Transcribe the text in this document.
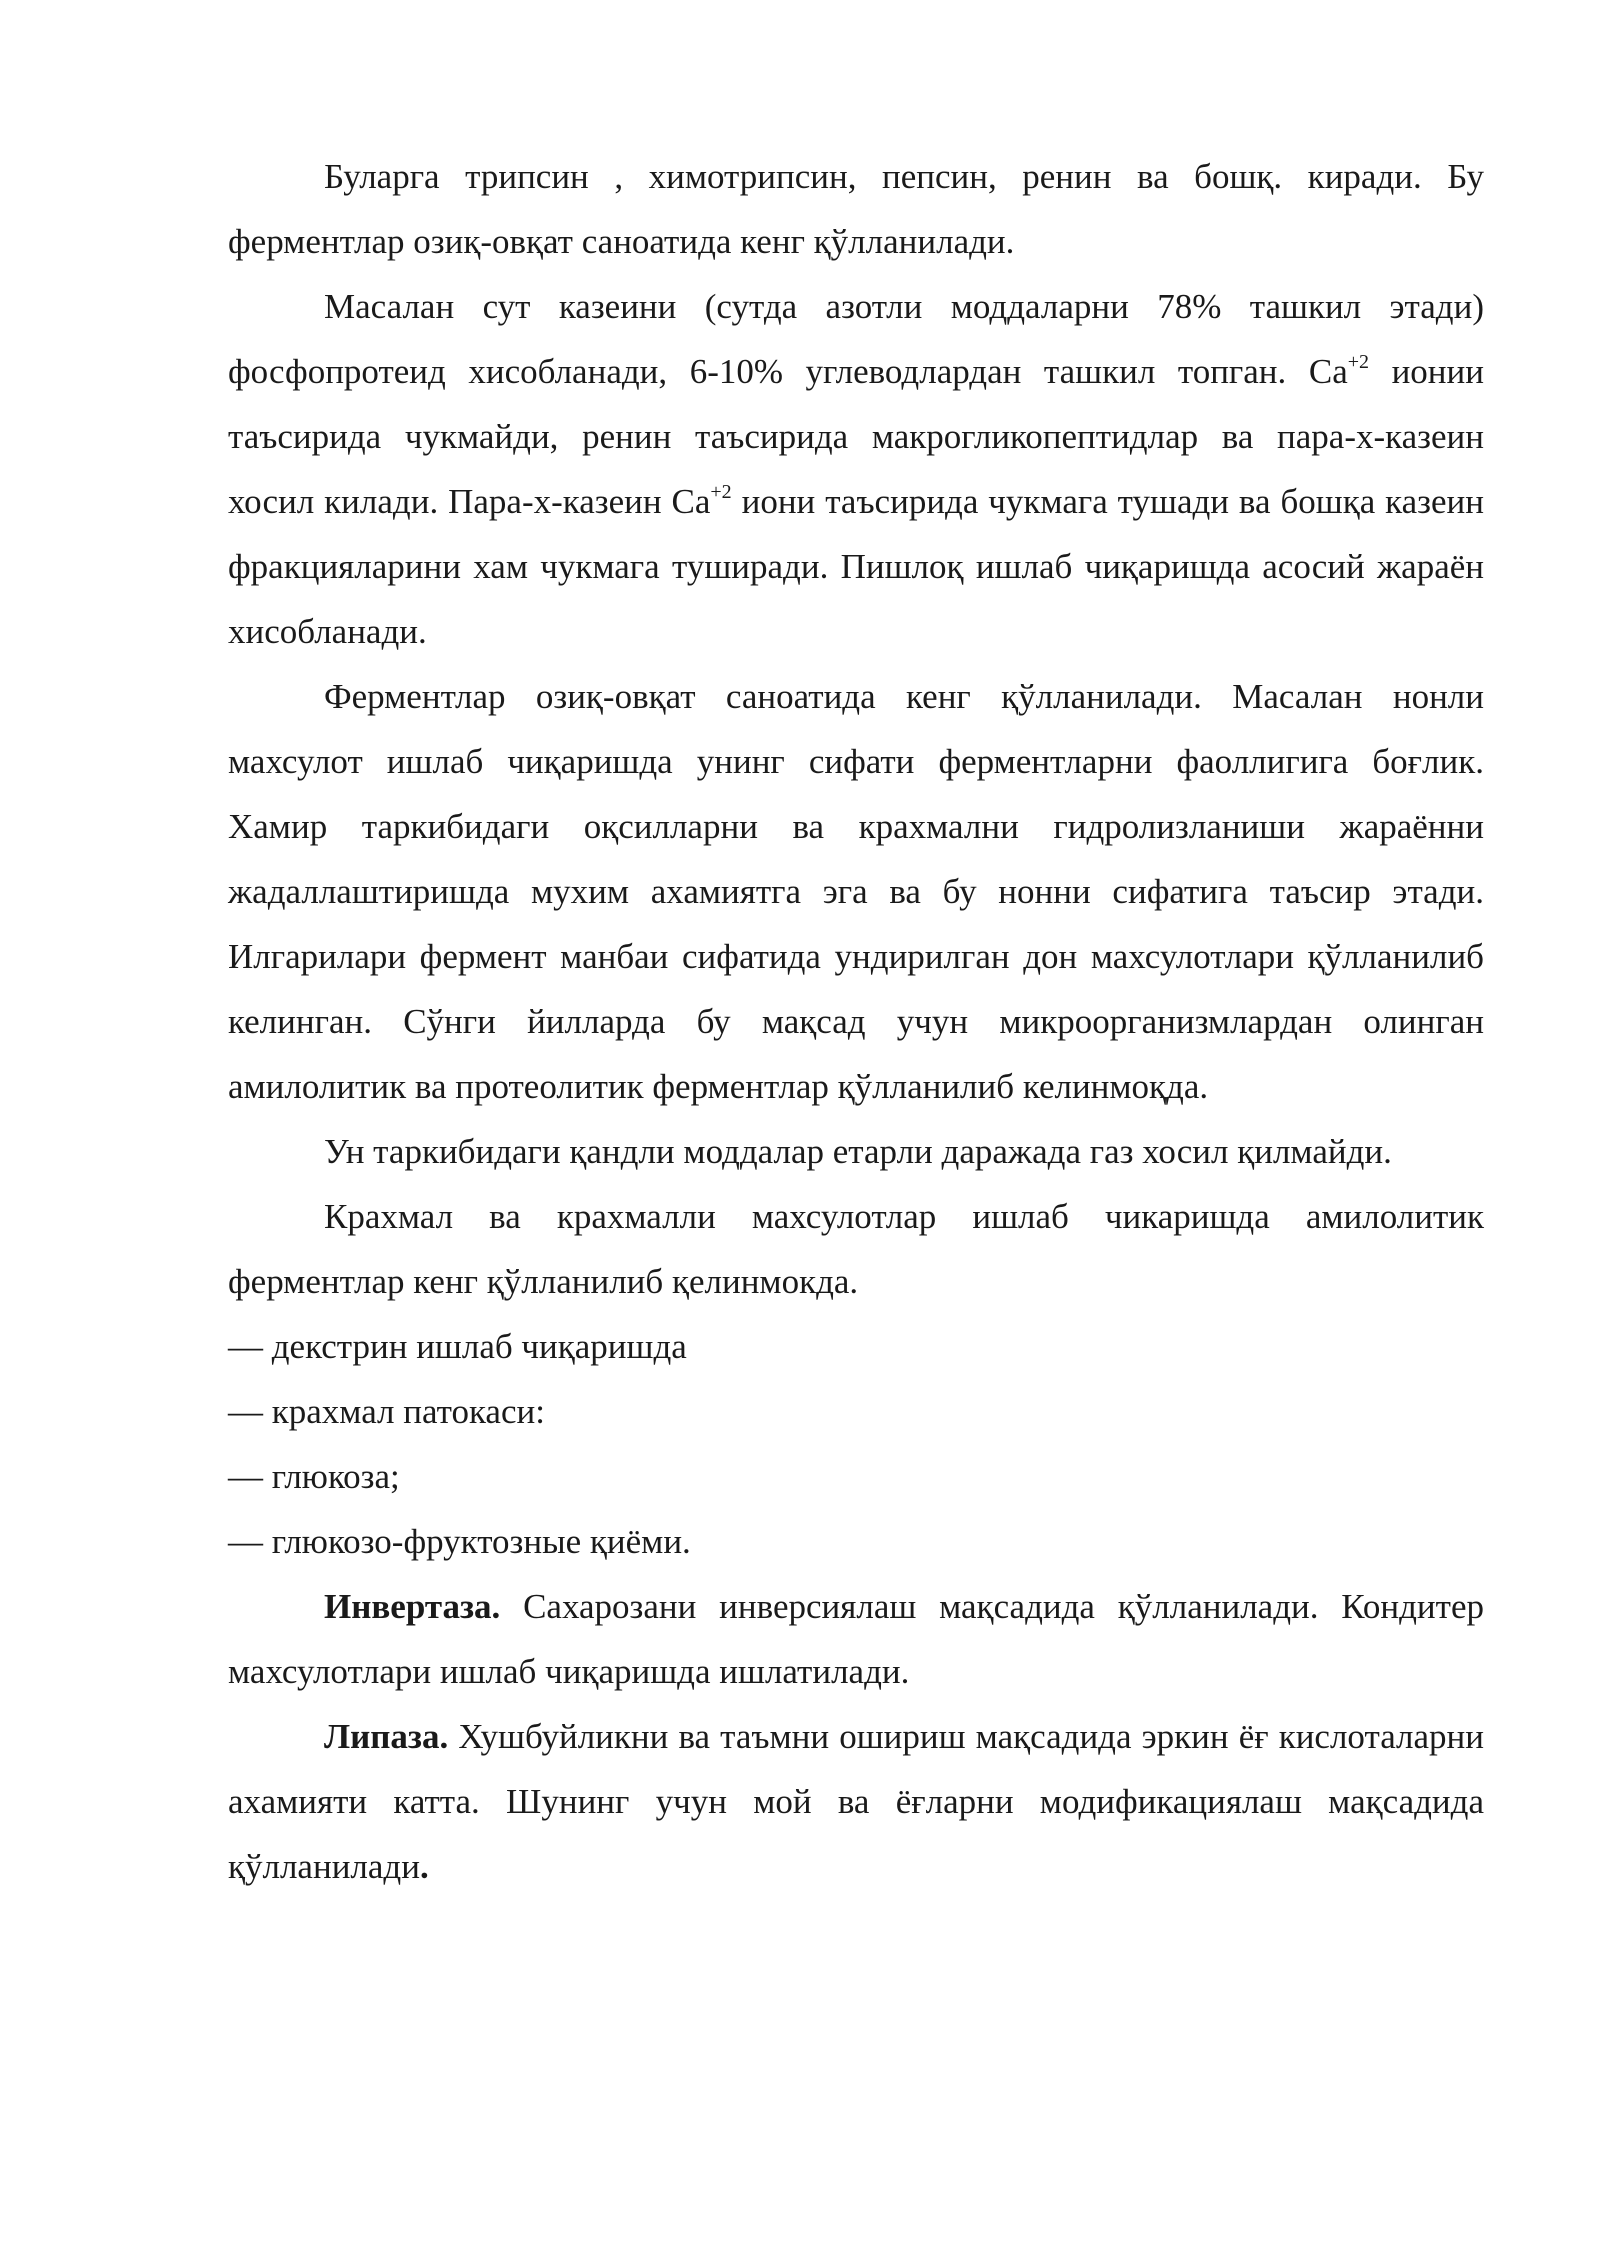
Буларга трипсин , химотрипсин, пепсин, ренин ва бошқ. киради. Бу ферментлар озиқ-овқат саноатида кенг қўлланилади.

Масалан сут казеини (сутда азотли моддаларни 78% ташкил этади) фосфопротеид хисобланади, 6-10% углеводлардан ташкил топган. $Ca^{+2}$ ионии таъсирида чукмайди, ренин таъсирида макрогликопептидлар ва пара-х-казеин хосил килади. Пара-х-казеин $Ca^{+2}$ иони таъсирида чукмага тушади ва бошқа казеин фракцияларини хам чукмага туширади. Пишлоқ ишлаб чиқаришда асосий жараён хисобланади.

Ферментлар озиқ-овқат саноатида кенг қўлланилади. Масалан нонли махсулот ишлаб чиқаришда унинг сифати ферментларни фаоллигига боғлик. Хамир таркибидаги оқсилларни ва крахмални гидролизланиши жараённи жадаллаштиришда мухим ахамиятга эга ва бу нонни сифатига таъсир этади. Илгарилари фермент манбаи сифатида ундирилган дон махсулотлари қўлланилиб келинган. Сўнги йилларда бу мақсад учун микроорганизмлардан олинган амилолитик ва протеолитик ферментлар қўлланилиб келинмоқда.

Ун таркибидаги қандли моддалар етарли даражада газ хосил қилмайди.

Крахмал ва крахмалли махсулотлар ишлаб чикаришда амилолитик ферментлар кенг қўлланилиб қелинмокда.

— декстрин ишлаб чиқаришда

— крахмал патокаси:

— глюкоза;

— глюкозо-фруктозные қиёми.

Инвертаза. Сахарозани инверсиялаш мақсадида қўлланилади. Кондитер махсулотлари ишлаб чиқаришда ишлатилади.

Липаза. Хушбуйликни ва таъмни ошириш мақсадида эркин ёғ кислоталарни ахамияти катта. Шунинг учун мой ва ёғларни модификациялаш мақсадида қўлланилади.
